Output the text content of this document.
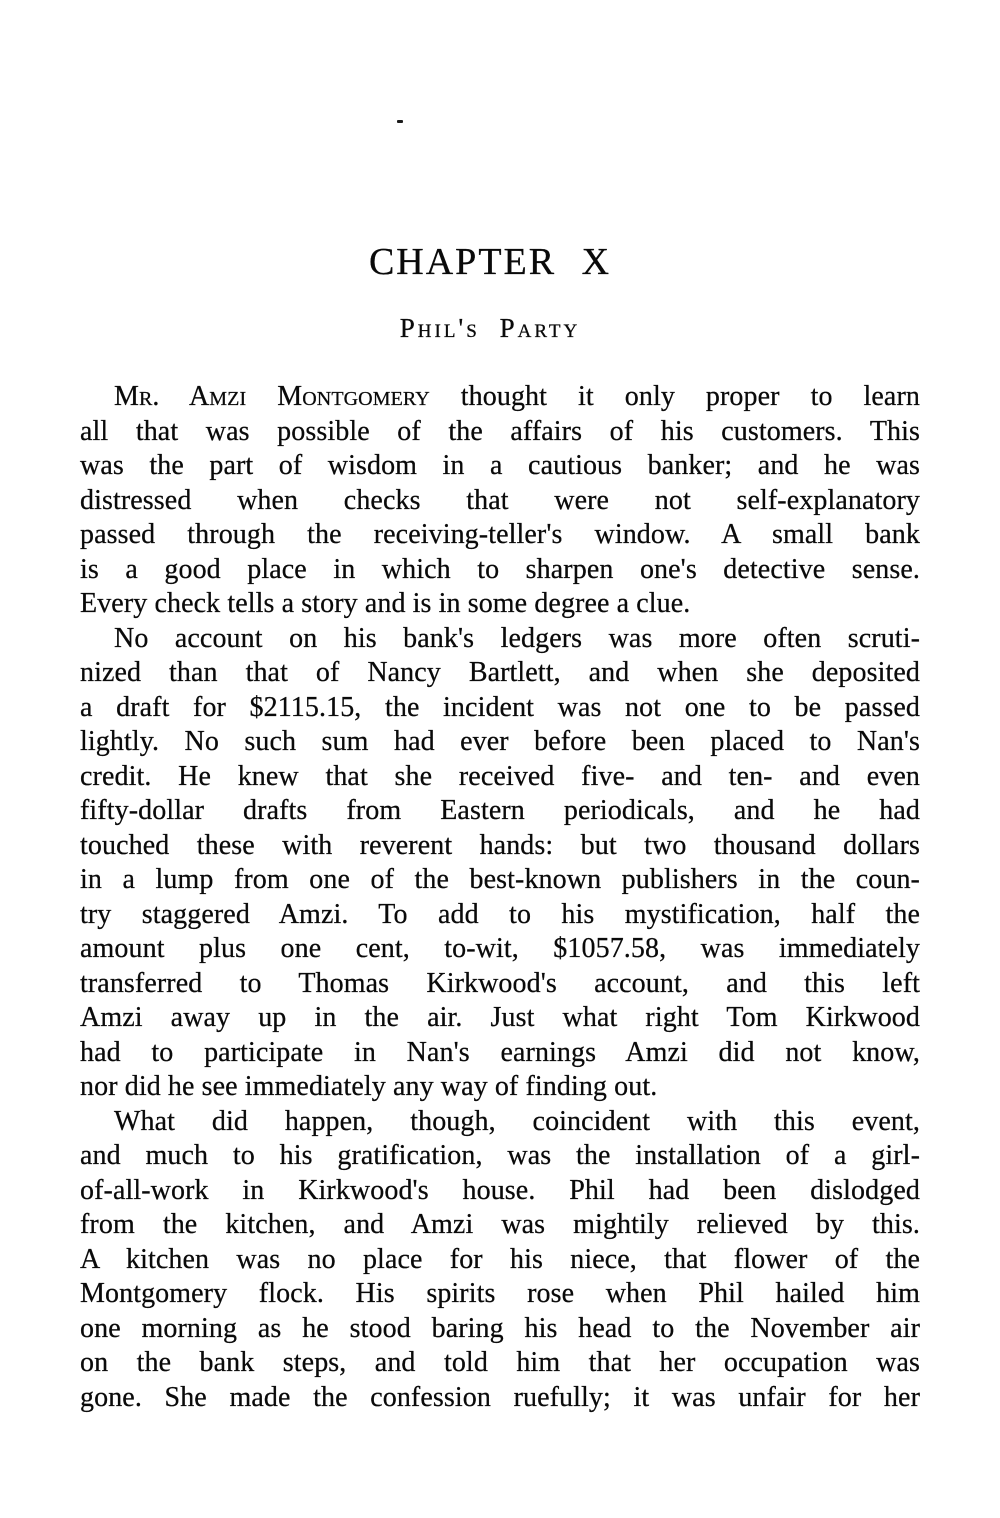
CHAPTER X
Phil's Party
Mr. Amzi Montgomery thought it only proper to learn
all that was possible of the affairs of his customers. This
was the part of wisdom in a cautious banker; and he was
distressed when checks that were not self-explanatory
passed through the receiving-teller's window. A small bank
is a good place in which to sharpen one's detective sense.
Every check tells a story and is in some degree a clue.
No account on his bank's ledgers was more often scruti-
nized than that of Nancy Bartlett, and when she deposited
a draft for $2115.15, the incident was not one to be passed
lightly. No such sum had ever before been placed to Nan's
credit. He knew that she received five- and ten- and even
fifty-dollar drafts from Eastern periodicals, and he had
touched these with reverent hands: but two thousand dollars
in a lump from one of the best-known publishers in the coun-
try staggered Amzi. To add to his mystification, half the
amount plus one cent, to-wit, $1057.58, was immediately
transferred to Thomas Kirkwood's account, and this left
Amzi away up in the air. Just what right Tom Kirkwood
had to participate in Nan's earnings Amzi did not know,
nor did he see immediately any way of finding out.
What did happen, though, coincident with this event,
and much to his gratification, was the installation of a girl-
of-all-work in Kirkwood's house. Phil had been dislodged
from the kitchen, and Amzi was mightily relieved by this.
A kitchen was no place for his niece, that flower of the
Montgomery flock. His spirits rose when Phil hailed him
one morning as he stood baring his head to the November air
on the bank steps, and told him that her occupation was
gone. She made the confession ruefully; it was unfair for her
